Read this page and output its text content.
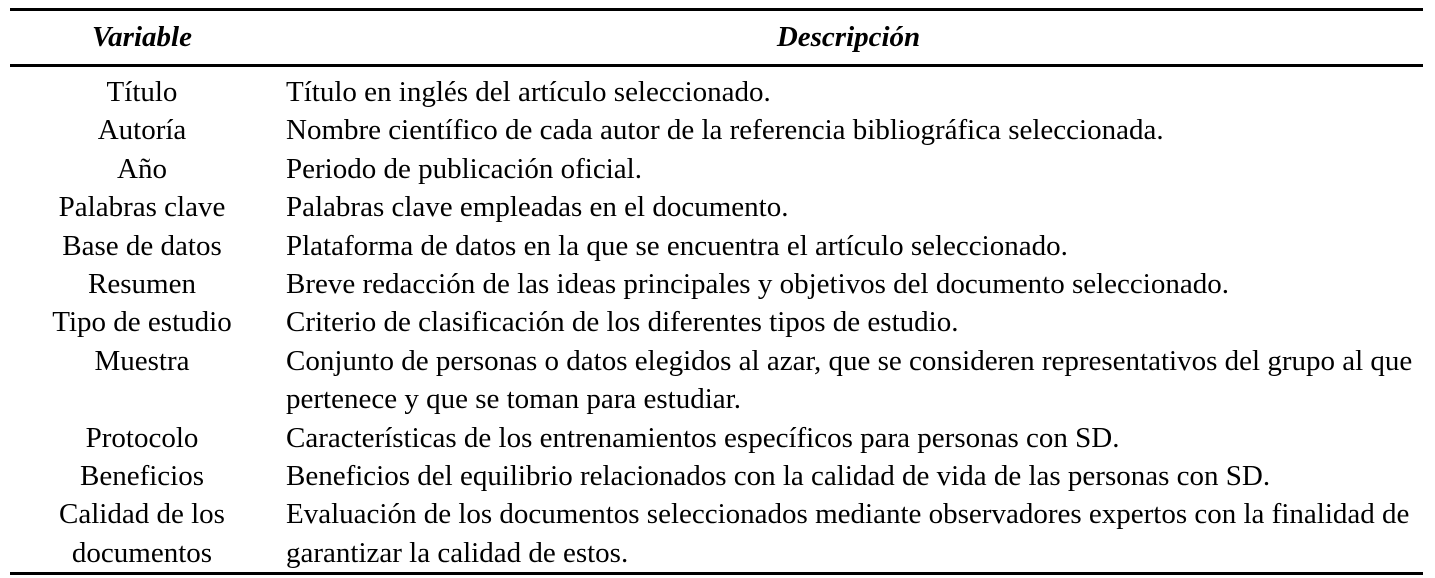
Variable	Descripción
Título	Título en inglés del artículo seleccionado.
Autoría	Nombre científico de cada autor de la referencia bibliográfica seleccionada.
Año	Periodo de publicación oficial.
Palabras clave	Palabras clave empleadas en el documento.
Base de datos	Plataforma de datos en la que se encuentra el artículo seleccionado.
Resumen	Breve redacción de las ideas principales y objetivos del documento seleccionado.
Tipo de estudio	Criterio de clasificación de los diferentes tipos de estudio.
Muestra	Conjunto de personas o datos elegidos al azar, que se consideren representativos del grupo al que pertenece y que se toman para estudiar.
Protocolo	Características de los entrenamientos específicos para personas con SD.
Beneficios	Beneficios del equilibrio relacionados con la calidad de vida de las personas con SD.
Calidad de los documentos	Evaluación de los documentos seleccionados mediante observadores expertos con la finalidad de garantizar la calidad de estos.
